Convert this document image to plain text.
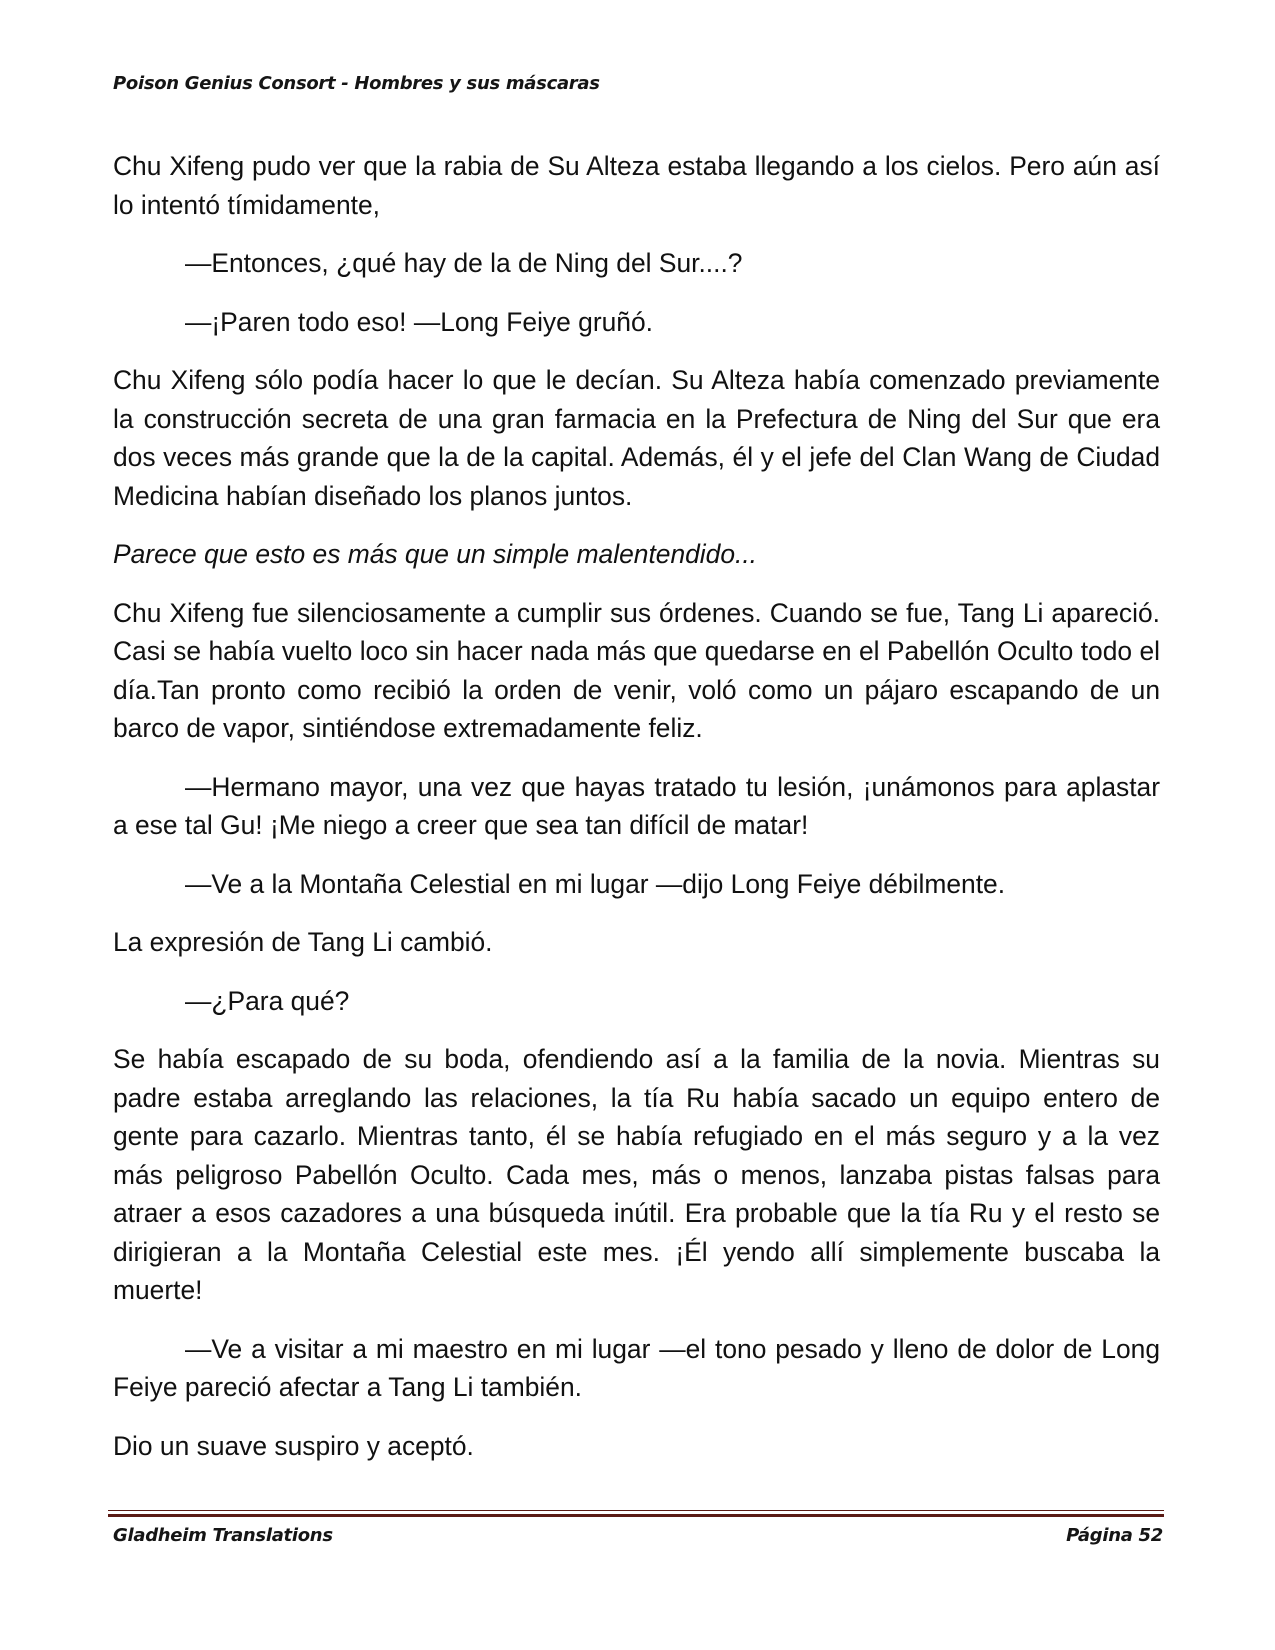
Poison Genius Consort - Hombres y sus máscaras

Chu Xifeng pudo ver que la rabia de Su Alteza estaba llegando a los cielos. Pero aún así lo intentó tímidamente,

—Entonces, ¿qué hay de la de Ning del Sur....?

—¡Paren todo eso! —Long Feiye gruñó.

Chu Xifeng sólo podía hacer lo que le decían. Su Alteza había comenzado previamente la construcción secreta de una gran farmacia en la Prefectura de Ning del Sur que era dos veces más grande que la de la capital. Además, él y el jefe del Clan Wang de Ciudad Medicina habían diseñado los planos juntos.

Parece que esto es más que un simple malentendido...

Chu Xifeng fue silenciosamente a cumplir sus órdenes. Cuando se fue, Tang Li apareció. Casi se había vuelto loco sin hacer nada más que quedarse en el Pabellón Oculto todo el día.Tan pronto como recibió la orden de venir, voló como un pájaro escapando de un barco de vapor, sintiéndose extremadamente feliz.

—Hermano mayor, una vez que hayas tratado tu lesión, ¡unámonos para aplastar a ese tal Gu! ¡Me niego a creer que sea tan difícil de matar!

—Ve a la Montaña Celestial en mi lugar —dijo Long Feiye débilmente.

La expresión de Tang Li cambió.

—¿Para qué?

Se había escapado de su boda, ofendiendo así a la familia de la novia. Mientras su padre estaba arreglando las relaciones, la tía Ru había sacado un equipo entero de gente para cazarlo. Mientras tanto, él se había refugiado en el más seguro y a la vez más peligroso Pabellón Oculto. Cada mes, más o menos, lanzaba pistas falsas para atraer a esos cazadores a una búsqueda inútil. Era probable que la tía Ru y el resto se dirigieran a la Montaña Celestial este mes. ¡Él yendo allí simplemente buscaba la muerte!

—Ve a visitar a mi maestro en mi lugar —el tono pesado y lleno de dolor de Long Feiye pareció afectar a Tang Li también.

Dio un suave suspiro y aceptó.

Gladheim Translations	Página 52
